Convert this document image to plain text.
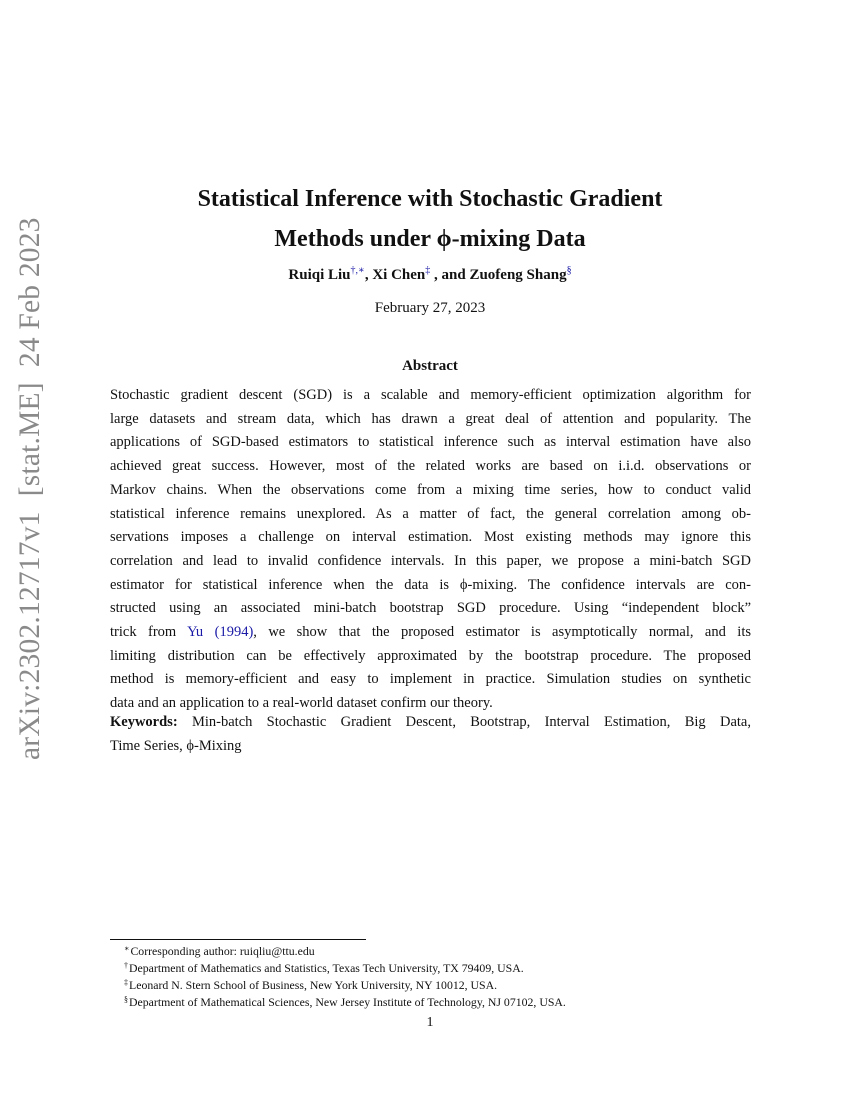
arXiv:2302.12717v1  [stat.ME]  24 Feb 2023
Statistical Inference with Stochastic Gradient
Methods under ϕ-mixing Data
Ruiqi Liu†,∗, Xi Chen‡ , and Zuofeng Shang§
February 27, 2023
Abstract

Stochastic gradient descent (SGD) is a scalable and memory-efficient optimization algorithm for
large datasets and stream data, which has drawn a great deal of attention and popularity. The
applications of SGD-based estimators to statistical inference such as interval estimation have also
achieved great success. However, most of the related works are based on i.i.d. observations or
Markov chains. When the observations come from a mixing time series, how to conduct valid
statistical inference remains unexplored. As a matter of fact, the general correlation among ob-
servations imposes a challenge on interval estimation. Most existing methods may ignore this
correlation and lead to invalid confidence intervals. In this paper, we propose a mini-batch SGD
estimator for statistical inference when the data is ϕ-mixing. The confidence intervals are con-
structed using an associated mini-batch bootstrap SGD procedure. Using “independent block”
trick from Yu (1994), we show that the proposed estimator is asymptotically normal, and its
limiting distribution can be effectively approximated by the bootstrap procedure. The proposed
method is memory-efficient and easy to implement in practice. Simulation studies on synthetic
data and an application to a real-world dataset confirm our theory.

Keywords: Min-batch Stochastic Gradient Descent, Bootstrap, Interval Estimation, Big Data,
Time Series, ϕ-Mixing

∗Corresponding author: ruiqliu@ttu.edu
†Department of Mathematics and Statistics, Texas Tech University, TX 79409, USA.
‡Leonard N. Stern School of Business, New York University, NY 10012, USA.
§Department of Mathematical Sciences, New Jersey Institute of Technology, NJ 07102, USA.
1
